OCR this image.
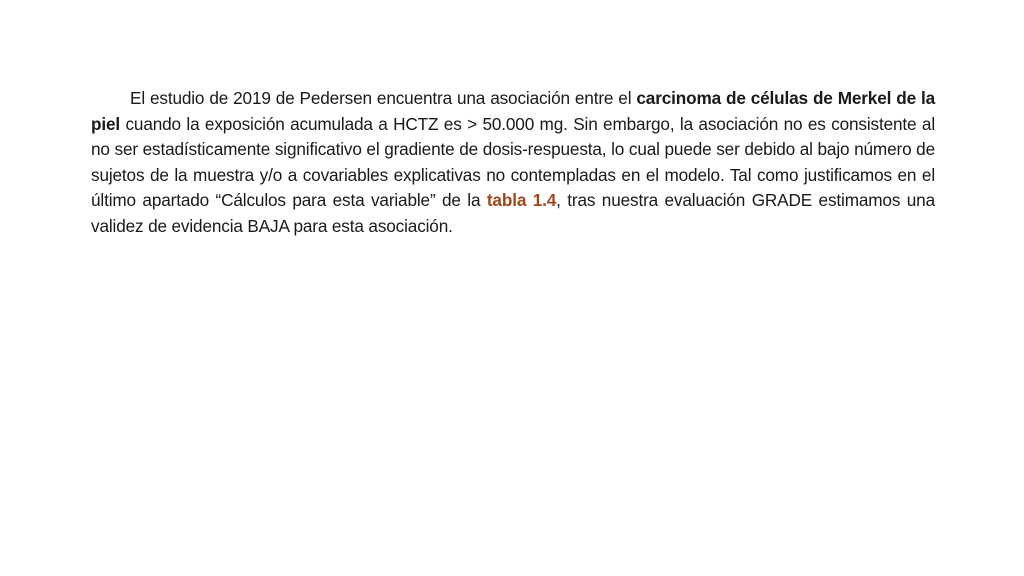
El estudio de 2019 de Pedersen encuentra una asociación entre el carcinoma de células de Merkel de la piel cuando la exposición acumulada a HCTZ es > 50.000 mg. Sin embargo, la asociación no es consistente al no ser estadísticamente significativo el gradiente de dosis-respuesta, lo cual puede ser debido al bajo número de sujetos de la muestra y/o a covariables explicativas no contempladas en el modelo. Tal como justificamos en el último apartado “Cálculos para esta variable” de la tabla 1.4, tras nuestra evaluación GRADE estimamos una validez de evidencia BAJA para esta asociación.
